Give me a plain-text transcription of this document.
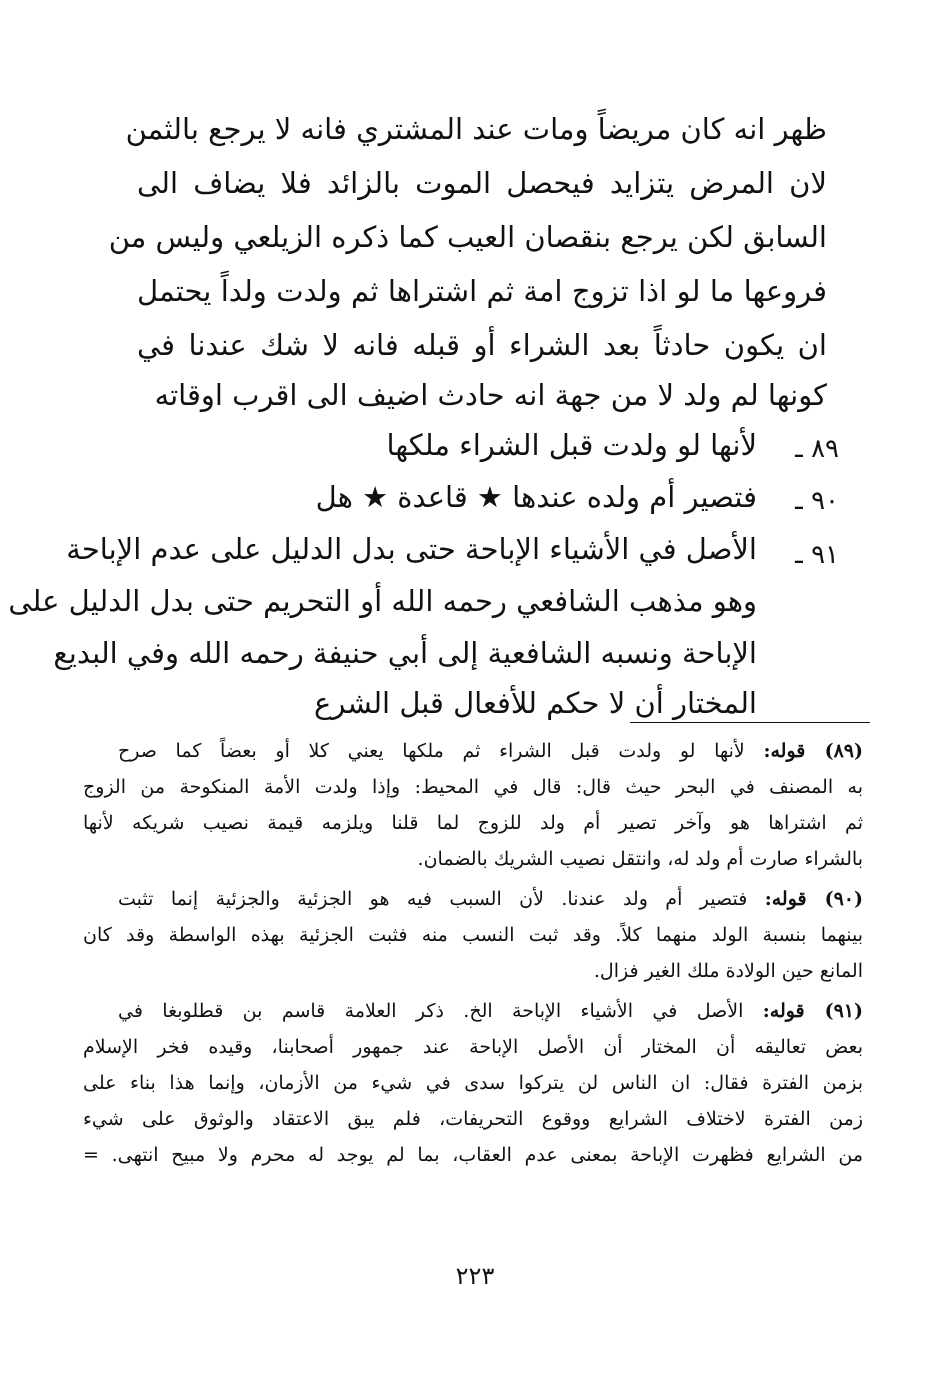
ظهر انه كان مريضاً ومات عند المشتري فانه لا يرجع بالثمن
لان المرض يتزايد فيحصل الموت بالزائد فلا يضاف الى
السابق لكن يرجع بنقصان العيب كما ذكره الزيلعي وليس من
فروعها ما لو اذا تزوج امة ثم اشتراها ثم ولدت ولداً يحتمل
ان يكون حادثاً بعد الشراء أو قبله فانه لا شك عندنا في
كونها لم ولد لا من جهة انه حادث اضيف الى اقرب اوقاته
٨٩ ـ
لأنها لو ولدت قبل الشراء ملكها
٩٠ ـ
فتصير أم ولده عندها ★ قاعدة ★ هل
٩١ ـ
الأصل في الأشياء الإباحة حتى بدل الدليل على عدم الإباحة
وهو مذهب الشافعي رحمه الله أو التحريم حتى بدل الدليل على
الإباحة ونسبه الشافعية إلى أبي حنيفة رحمه الله وفي البديع
المختار أن لا حكم للأفعال قبل الشرع
(٨٩) قوله: لأنها لو ولدت قبل الشراء ثم ملكها يعني كلا أو بعضاً كما صرح
به المصنف في البحر حيث قال: قال في المحيط: وإذا ولدت الأمة المنكوحة من الزوج
ثم اشتراها هو وآخر تصير أم ولد للزوج لما قلنا ويلزمه قيمة نصيب شريكه لأنها
بالشراء صارت أم ولد له، وانتقل نصيب الشريك بالضمان.
(٩٠) قوله: فتصير أم ولد عندنا. لأن السبب فيه هو الجزئية والجزئية إنما تثبت
بينهما بنسبة الولد منهما كلاً. وقد ثبت النسب منه فثبت الجزئية بهذه الواسطة وقد كان
المانع حين الولادة ملك الغير فزال.
(٩١) قوله: الأصل في الأشياء الإباحة الخ. ذكر العلامة قاسم بن قطلوبغا في
بعض تعاليقه أن المختار أن الأصل الإباحة عند جمهور أصحابنا، وقيده فخر الإسلام
بزمن الفترة فقال: ان الناس لن يتركوا سدى في شيء من الأزمان، وإنما هذا بناء على
زمن الفترة لاختلاف الشرايع ووقوع التحريفات، فلم يبق الاعتقاد والوثوق على شيء
من الشرايع فظهرت الإباحة بمعنى عدم العقاب، بما لم يوجد له محرم ولا مبيح انتهى. =
٢٢٣
